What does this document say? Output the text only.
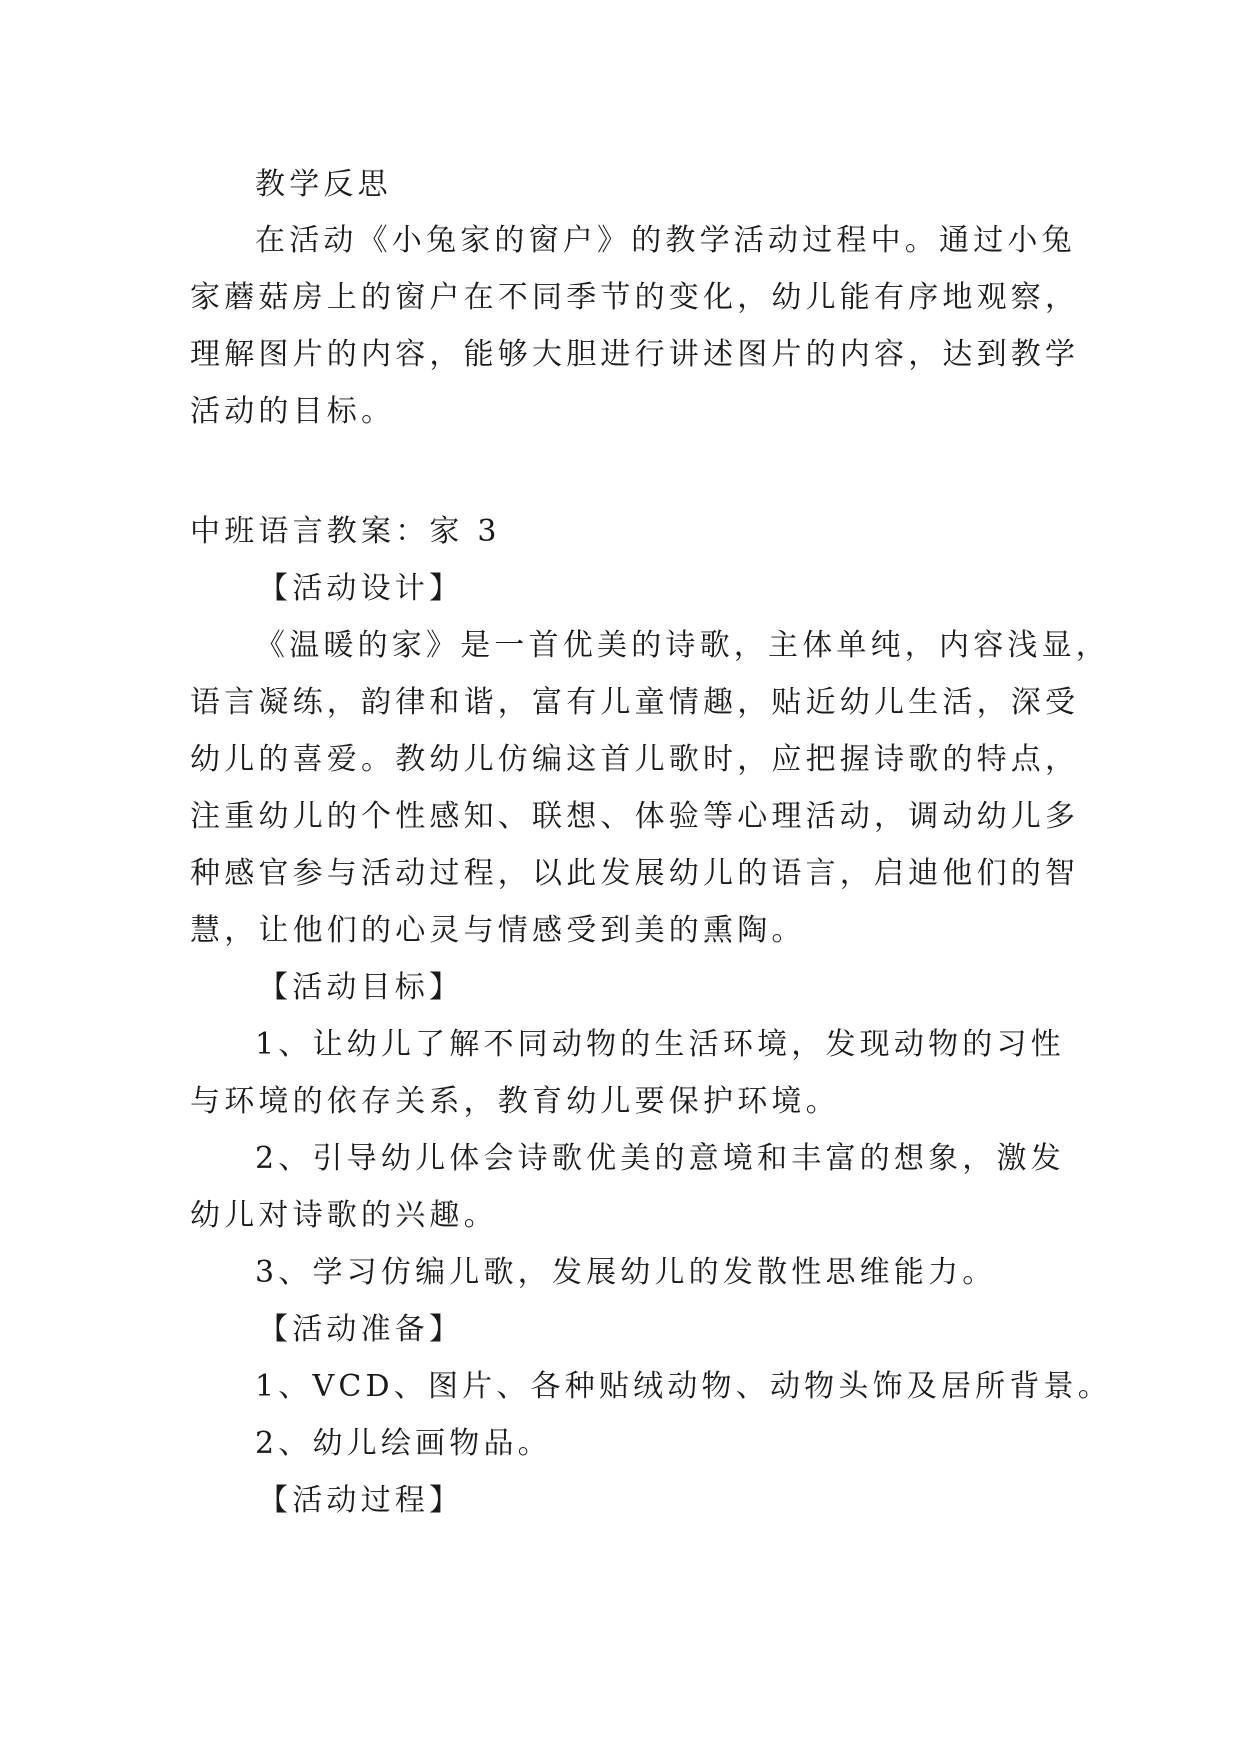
教学反思
在活动《小兔家的窗户》的教学活动过程中。通过小兔
家蘑菇房上的窗户在不同季节的变化，幼儿能有序地观察，
理解图片的内容，能够大胆进行讲述图片的内容，达到教学
活动的目标。
中班语言教案：家 3
【活动设计】
《温暖的家》是一首优美的诗歌，主体单纯，内容浅显，
语言凝练，韵律和谐，富有儿童情趣，贴近幼儿生活，深受
幼儿的喜爱。教幼儿仿编这首儿歌时，应把握诗歌的特点，
注重幼儿的个性感知、联想、体验等心理活动，调动幼儿多
种感官参与活动过程，以此发展幼儿的语言，启迪他们的智
慧，让他们的心灵与情感受到美的熏陶。
【活动目标】
1、让幼儿了解不同动物的生活环境，发现动物的习性
与环境的依存关系，教育幼儿要保护环境。
2、引导幼儿体会诗歌优美的意境和丰富的想象，激发
幼儿对诗歌的兴趣。
3、学习仿编儿歌，发展幼儿的发散性思维能力。
【活动准备】
1、VCD、图片、各种贴绒动物、动物头饰及居所背景。
2、幼儿绘画物品。
【活动过程】
